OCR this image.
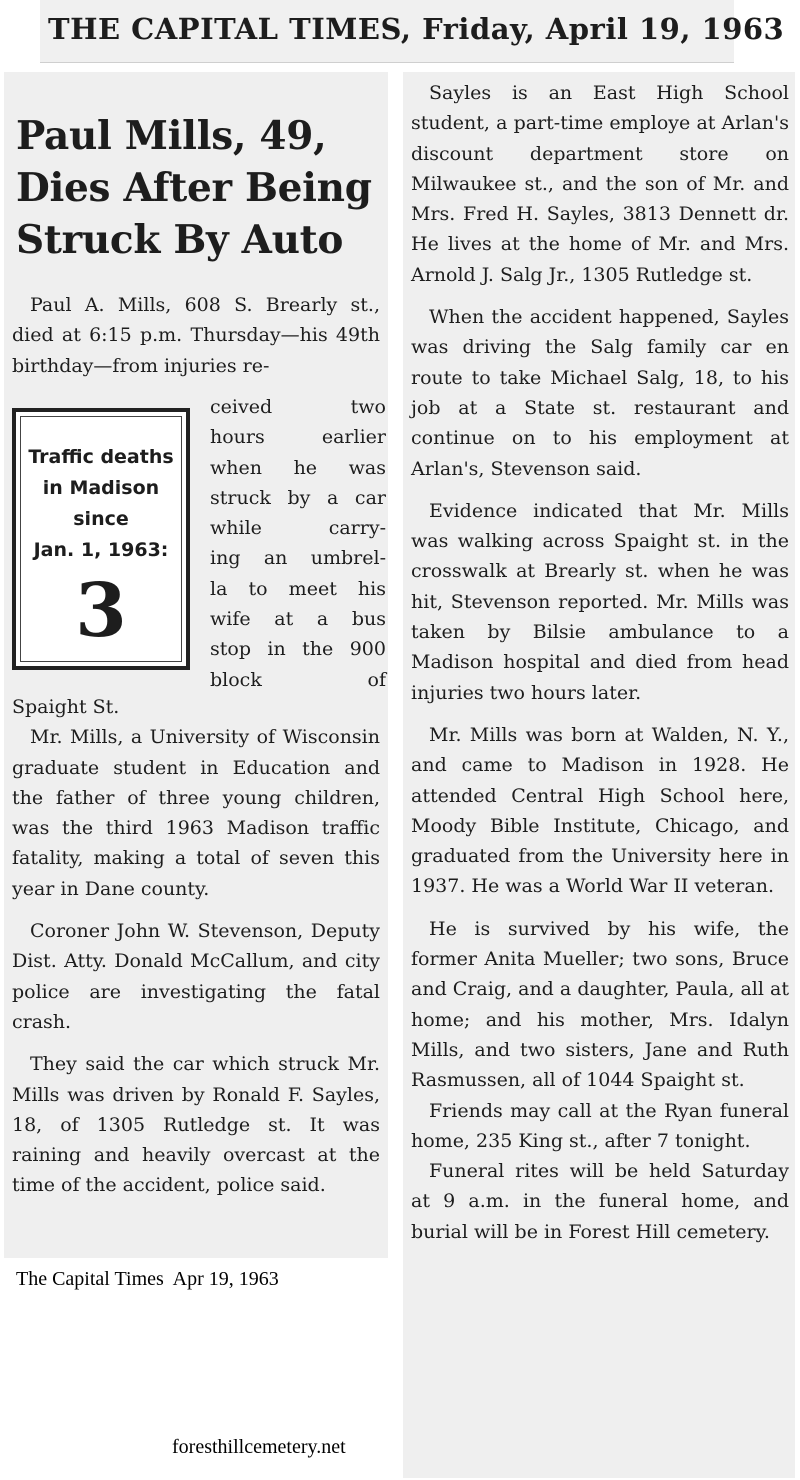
THE CAPITAL TIMES, Friday, April 19, 1963
Paul Mills, 49,
Dies After Being
Struck By Auto
Paul A. Mills, 608 S. Brearly st., died at 6:15 p.m. Thursday—his 49th birthday—from injuries re-
Traffic deaths
in Madison
since
Jan. 1, 1963:
3
ceived two
hours earlier
when he was
struck by a car
while carry-
ing an umbrel-
la to meet his
wife at a bus
stop in the 900
block of

Spaight St.

Mr. Mills, a University of Wisconsin graduate student in Education and the father of three young children, was the third 1963 Madison traffic fatality, making a total of seven this year in Dane county.

Coroner John W. Stevenson, Deputy Dist. Atty. Donald McCallum, and city police are investigating the fatal crash.

They said the car which struck Mr. Mills was driven by Ronald F. Sayles, 18, of 1305 Rutledge st. It was raining and heavily overcast at the time of the accident, police said.

Sayles is an East High School student, a part-time employe at Arlan's discount department store on Milwaukee st., and the son of Mr. and Mrs. Fred H. Sayles, 3813 Dennett dr. He lives at the home of Mr. and Mrs. Arnold J. Salg Jr., 1305 Rutledge st.

When the accident happened, Sayles was driving the Salg family car en route to take Michael Salg, 18, to his job at a State st. restaurant and continue on to his employment at Arlan's, Stevenson said.

Evidence indicated that Mr. Mills was walking across Spaight st. in the crosswalk at Brearly st. when he was hit, Stevenson reported. Mr. Mills was taken by Bilsie ambulance to a Madison hospital and died from head injuries two hours later.

Mr. Mills was born at Walden, N. Y., and came to Madison in 1928. He attended Central High School here, Moody Bible Institute, Chicago, and graduated from the University here in 1937. He was a World War II veteran.

He is survived by his wife, the former Anita Mueller; two sons, Bruce and Craig, and a daughter, Paula, all at home; and his mother, Mrs. Idalyn Mills, and two sisters, Jane and Ruth Rasmussen, all of 1044 Spaight st.

Friends may call at the Ryan funeral home, 235 King st., after 7 tonight.

Funeral rites will be held Saturday at 9 a.m. in the funeral home, and burial will be in Forest Hill cemetery.

The Capital Times  Apr 19, 1963
foresthillcemetery.net
